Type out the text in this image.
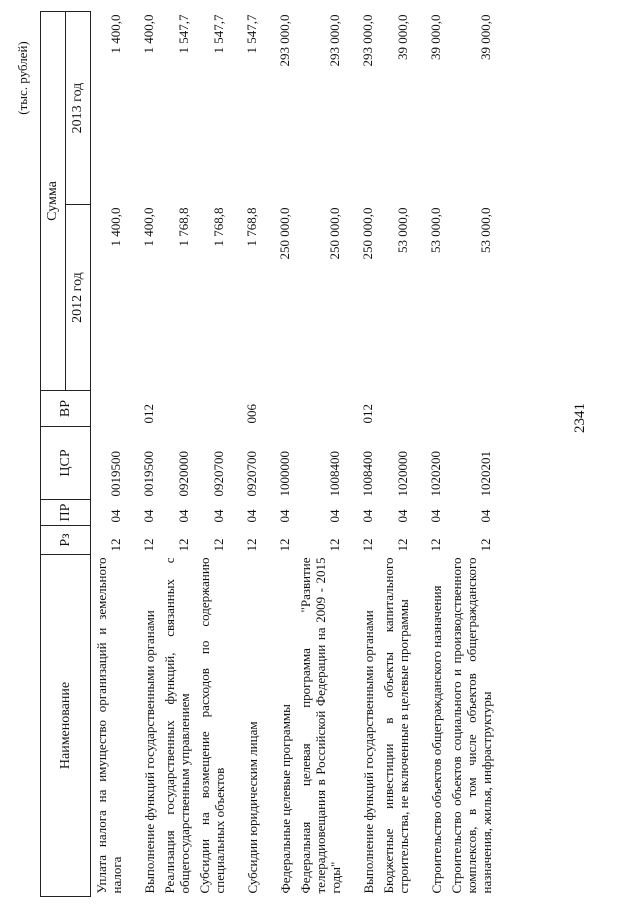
2341
(тыс. рублей)
Наименование	Рз	ПР	ЦСР	ВР	Сумма	
					2012 год	2013 год
Уплата налога на имущество организаций и земельного налога	12	04	0019500		1 400,0	1 400,0
Выполнение функций государственными органами	12	04	0019500	012	1 400,0	1 400,0
Реализация государственных функций, связанных с общегосударственным управлением	12	04	0920000		1 768,8	1 547,7
Субсидии на возмещение расходов по содержанию специальных объектов	12	04	0920700		1 768,8	1 547,7
Субсидии юридическим лицам	12	04	0920700	006	1 768,8	1 547,7
Федеральные целевые программы	12	04	1000000		250 000,0	293 000,0
Федеральная целевая программа "Развитие телерадиовещания в Российской Федерации на 2009 - 2015 годы"	12	04	1008400		250 000,0	293 000,0
Выполнение функций государственными органами	12	04	1008400	012	250 000,0	293 000,0
Бюджетные инвестиции в объекты капитального строительства, не включенные в целевые программы	12	04	1020000		53 000,0	39 000,0
Строительство объектов общегражданского назначения	12	04	1020200		53 000,0	39 000,0
Строительство объектов социального и производственного комплексов, в том числе объектов общегражданского назначения, жилья, инфраструктуры	12	04	1020201		53 000,0	39 000,0
